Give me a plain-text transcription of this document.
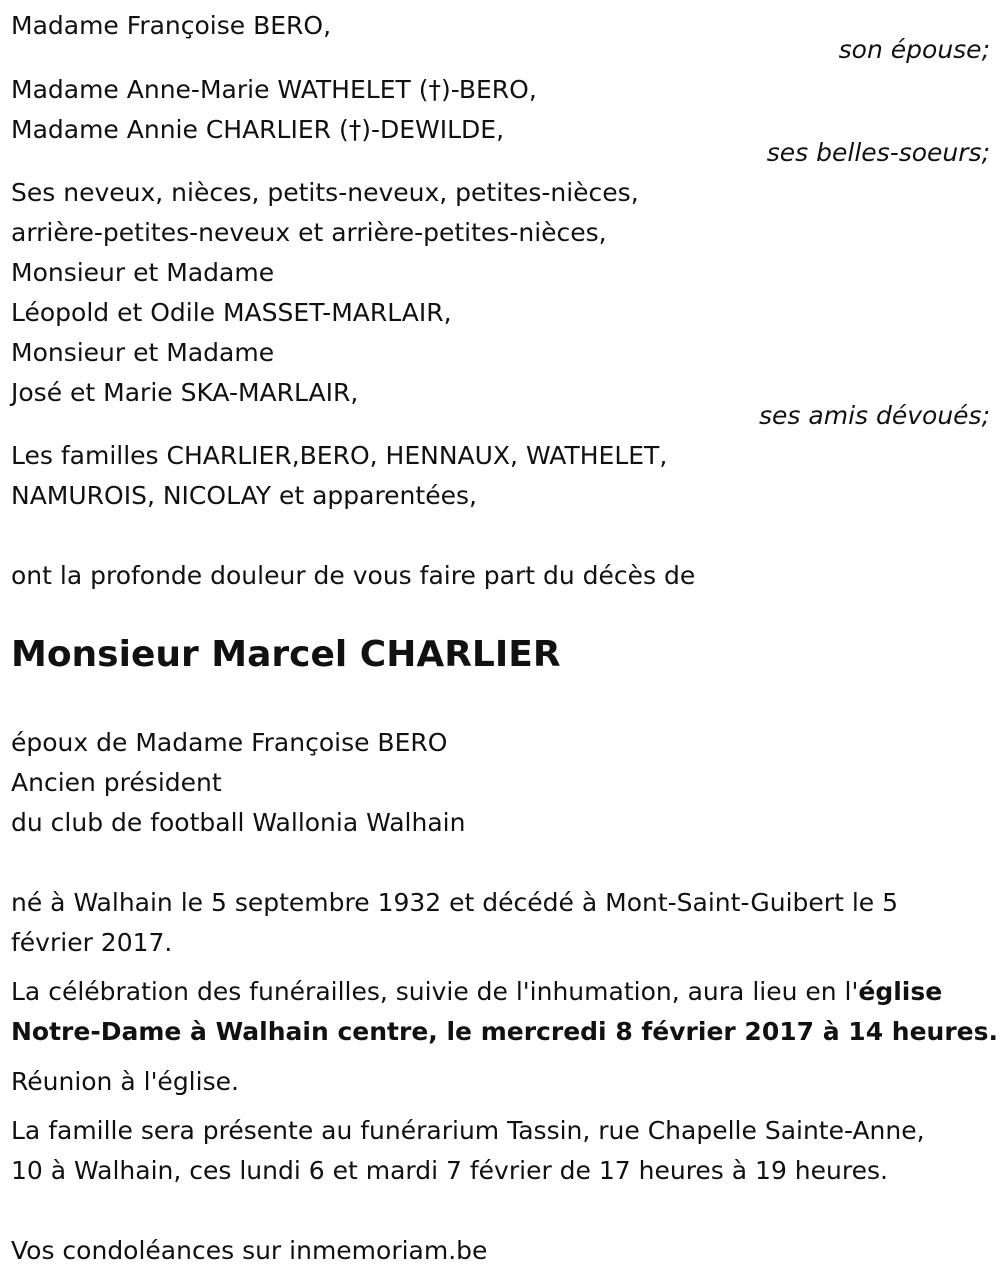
Madame Françoise BERO,
son épouse;
Madame Anne-Marie WATHELET (†)-BERO,
Madame Annie CHARLIER (†)-DEWILDE,
ses belles-soeurs;
Ses neveux, nièces, petits-neveux, petites-nièces,
arrière-petites-neveux et arrière-petites-nièces,
Monsieur et Madame
Léopold et Odile MASSET-MARLAIR,
Monsieur et Madame
José et Marie SKA-MARLAIR,
ses amis dévoués;
Les familles CHARLIER,BERO, HENNAUX, WATHELET,
NAMUROIS, NICOLAY et apparentées,
ont la profonde douleur de vous faire part du décès de
Monsieur Marcel CHARLIER
époux de Madame Françoise BERO
Ancien président
du club de football Wallonia Walhain
né à Walhain le 5 septembre 1932 et décédé à Mont-Saint-Guibert le 5
février 2017.
La célébration des funérailles, suivie de l'inhumation, aura lieu en l'église
Notre-Dame à Walhain centre, le mercredi 8 février 2017 à 14 heures.
Réunion à l'église.
La famille sera présente au funérarium Tassin, rue Chapelle Sainte-Anne,
10 à Walhain, ces lundi 6 et mardi 7 février de 17 heures à 19 heures.
Vos condoléances sur inmemoriam.be
